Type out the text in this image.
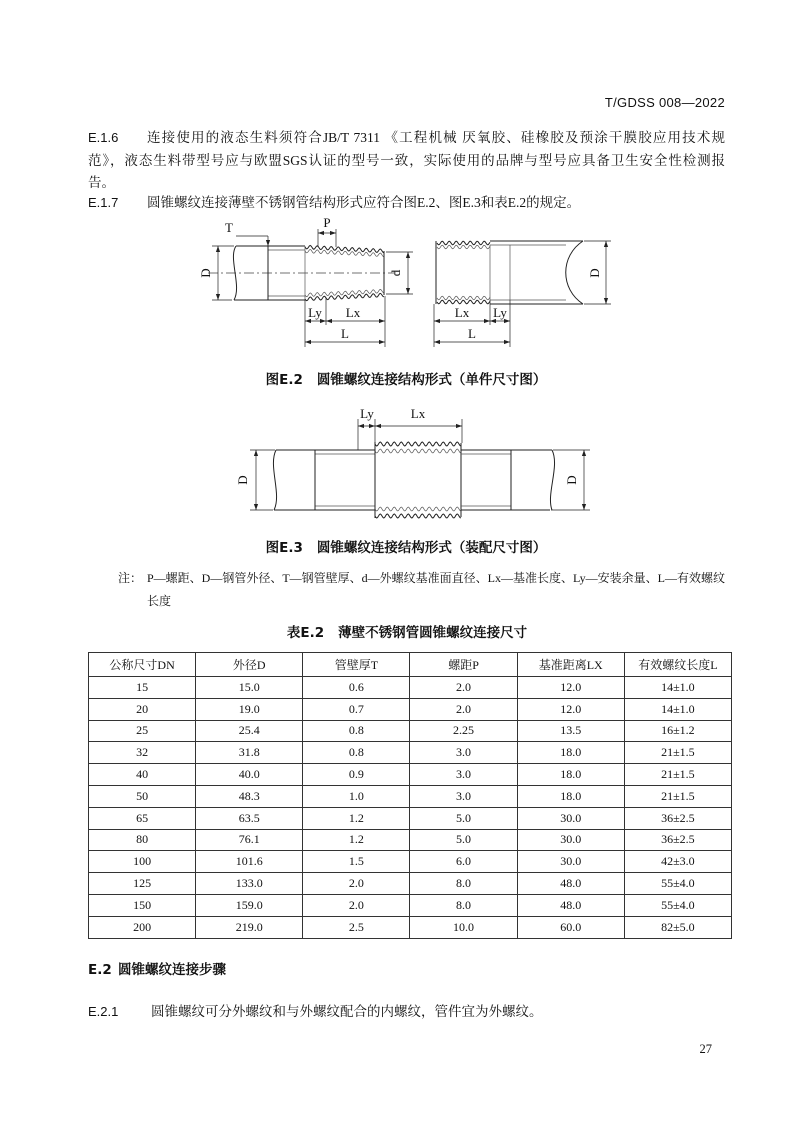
T/GDSS 008—2022
E.1.6 连接使用的液态生料须符合JB/T 7311 《工程机械 厌氧胶、硅橡胶及预涂干膜胶应用技术规
范》，液态生料带型号应与欧盟SGS认证的型号一致，实际使用的品牌与型号应具备卫生安全性检测报
告。
E.1.7 圆锥螺纹连接薄壁不锈钢管结构形式应符合图E.2、图E.3和表E.2的规定。
D	d
T	P
Ly Lx
L
D
Lx Ly
L
图E.2 圆锥螺纹连接结构形式（单件尺寸图）
Ly	Lx
D	D
图E.3 圆锥螺纹连接结构形式（装配尺寸图）
注： P—螺距、D—钢管外径、T—钢管壁厚、d—外螺纹基准面直径、Lx—基准长度、Ly—安装余量、L—有效螺纹
长度
表E.2 薄壁不锈钢管圆锥螺纹连接尺寸
公称尺寸DN	外径D	管壁厚T	螺距P	基准距离LX	有效螺纹长度L
15	15.0	0.6	2.0	12.0	14±1.0
20	19.0	0.7	2.0	12.0	14±1.0
25	25.4	0.8	2.25	13.5	16±1.2
32	31.8	0.8	3.0	18.0	21±1.5
40	40.0	0.9	3.0	18.0	21±1.5
50	48.3	1.0	3.0	18.0	21±1.5
65	63.5	1.2	5.0	30.0	36±2.5
80	76.1	1.2	5.0	30.0	36±2.5
100	101.6	1.5	6.0	30.0	42±3.0
125	133.0	2.0	8.0	48.0	55±4.0
150	159.0	2.0	8.0	48.0	55±4.0
200	219.0	2.5	10.0	60.0	82±5.0
E.2 圆锥螺纹连接步骤
E.2.1 圆锥螺纹可分外螺纹和与外螺纹配合的内螺纹，管件宜为外螺纹。
27
